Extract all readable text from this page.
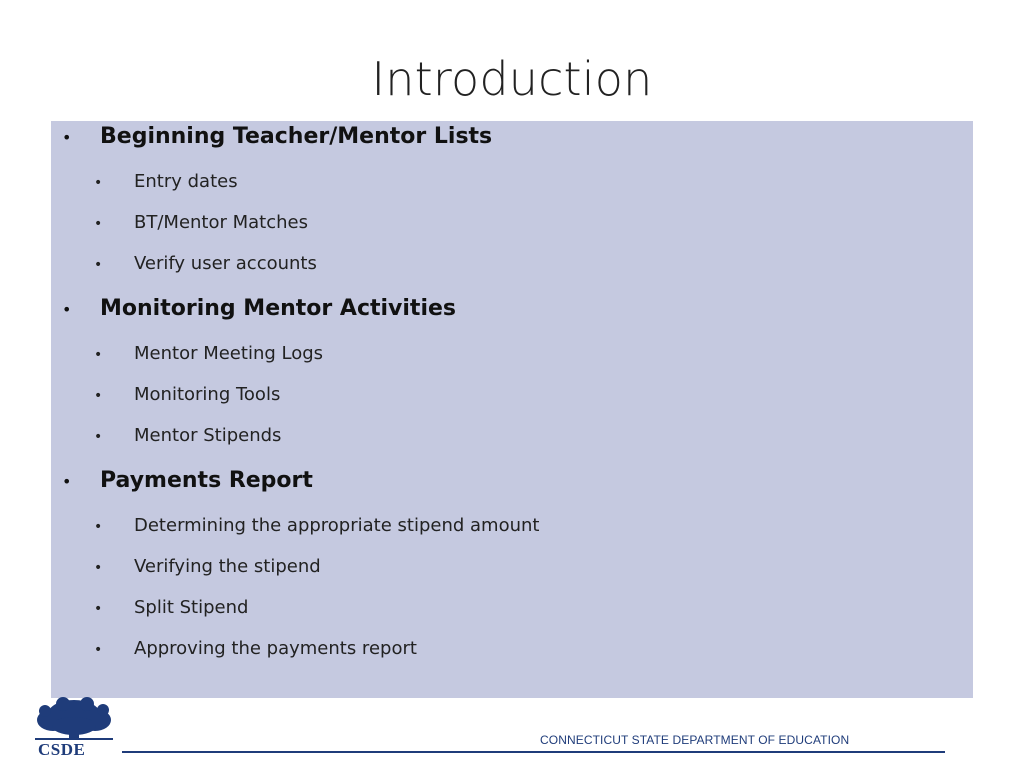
Introduction
•	Beginning Teacher/Mentor Lists
•	Entry dates
•	BT/Mentor Matches
•	Verify user accounts
•	Monitoring Mentor Activities
•	Mentor Meeting Logs
•	Monitoring Tools
•	Mentor Stipends
•	Payments Report
•	Determining the appropriate stipend amount
•	Verifying the stipend
•	Split Stipend
•	Approving the payments report
CSDE	CONNECTICUT STATE DEPARTMENT OF EDUCATION
